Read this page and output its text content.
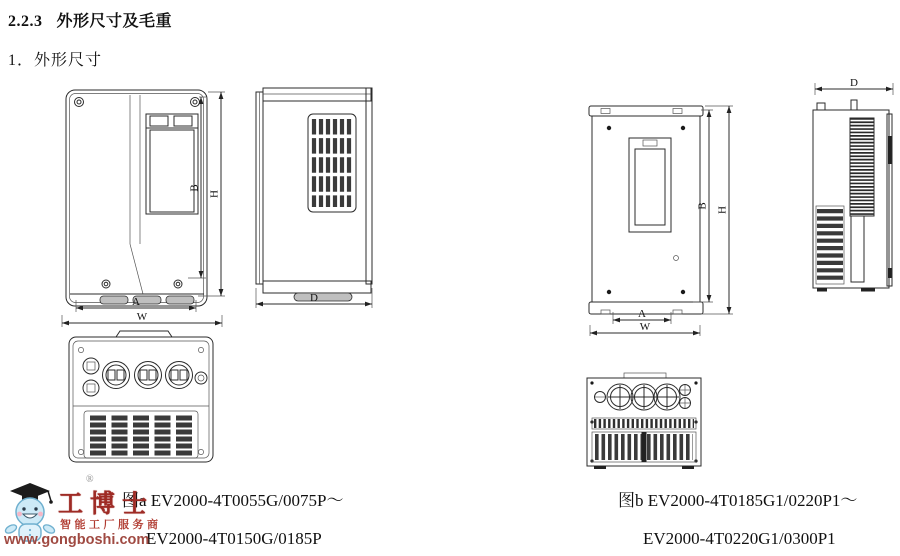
2.2.3 外形尺寸及毛重
1．外形尺寸
B
H
A
W
D
B
H
A
W
D
图a EV2000-4T0055G/0075P～
EV2000-4T0150G/0185P
图b EV2000-4T0185G1/0220P1～
EV2000-4T0220G1/0300P1
®
工博士
智能工厂服务商
www.gongboshi.com
